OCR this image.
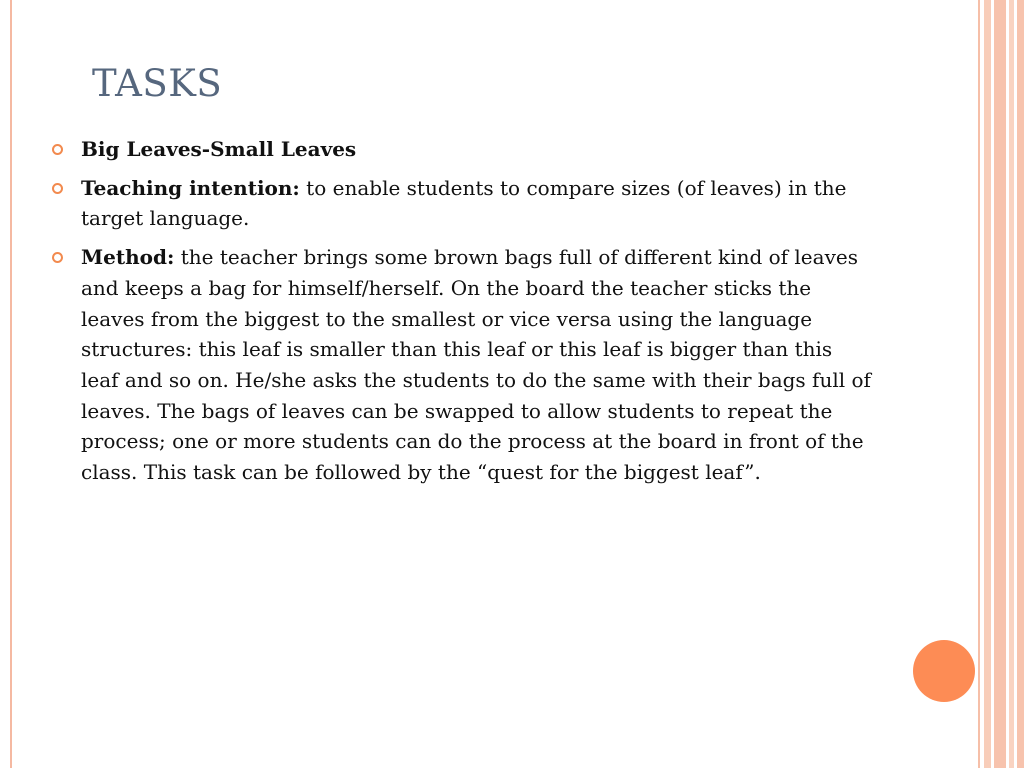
TASKS
Big Leaves-Small Leaves
Teaching intention: to enable students to compare sizes (of leaves) in the target language.
Method: the teacher brings some brown bags full of different kind of leaves and keeps a bag for himself/herself. On the board the teacher sticks the leaves from the biggest to the smallest or vice versa using the language structures: this leaf is smaller than this leaf or this leaf is bigger than this leaf and so on. He/she asks the students to do the same with their bags full of leaves. The bags of leaves can be swapped to allow students to repeat the process; one or more students can do the process at the board in front of the class. This task can be followed by the “quest for the biggest leaf”.
